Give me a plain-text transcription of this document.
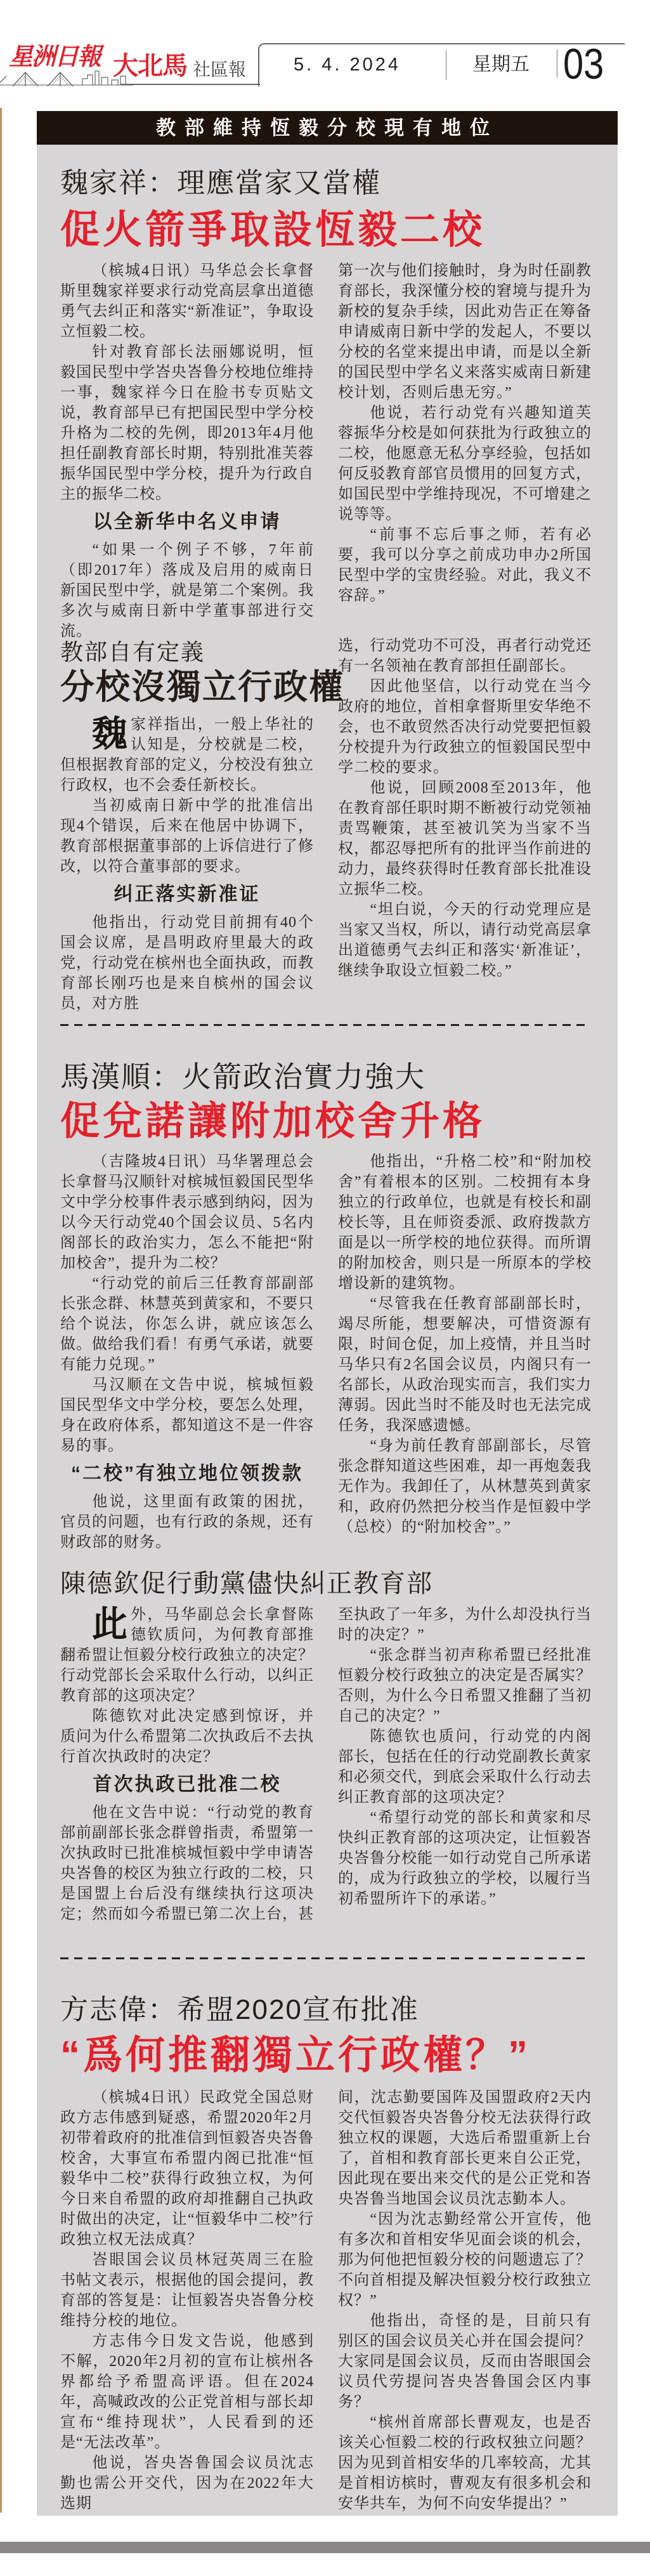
星洲日報 大北馬 社區報	5. 4. 2024	星期五 03
教部維持恆毅分校現有地位
魏家祥：理應當家又當權
促火箭爭取設恆毅二校

（槟城4日讯）马华总会长拿督斯里魏家祥要求行动党高层拿出道德勇气去纠正和落实“新准证”，争取设立恒毅二校。

针对教育部长法丽娜说明，恒毅国民型中学峇央峇鲁分校地位维持一事，魏家祥今日在脸书专页贴文说，教育部早已有把国民型中学分校升格为二校的先例，即2013年4月他担任副教育部长时期，特别批准芙蓉振华国民型中学分校，提升为行政自主的振华二校。

以全新华中名义申请

“如果一个例子不够，7年前（即2017年）落成及启用的威南日新国民型中学，就是第二个案例。我多次与威南日新中学董事部进行交流。

第一次与他们接触时，身为时任副教育部长，我深懂分校的窘境与提升为新校的复杂手续，因此劝告正在筹备申请威南日新中学的发起人，不要以分校的名堂来提出申请，而是以全新的国民型中学名义来落实威南日新建校计划，否则后患无穷。”

他说，若行动党有兴趣知道芙蓉振华分校是如何获批为行政独立的二校，他愿意无私分享经验，包括如何反驳教育部官员惯用的回复方式，如国民型中学维持现况，不可增建之说等等。

“前事不忘后事之师，若有必要，我可以分享之前成功申办2所国民型中学的宝贵经验。对此，我义不容辞。”

教部自有定義
分校沒獨立行政權

魏家祥指出，一般上华社的认知是，分校就是二校，但根据教育部的定义，分校没有独立行政权，也不会委任新校长。

当初威南日新中学的批准信出现4个错误，后来在他居中协调下，教育部根据董事部的上诉信进行了修改，以符合董事部的要求。

纠正落实新准证

他指出，行动党目前拥有40个国会议席，是昌明政府里最大的政党，行动党在槟州也全面执政，而教育部长刚巧也是来自槟州的国会议员，对方胜

选，行动党功不可没，再者行动党还有一名领袖在教育部担任副部长。

因此他坚信，以行动党在当今政府的地位，首相拿督斯里安华绝不会，也不敢贸然否决行动党要把恒毅分校提升为行政独立的恒毅国民型中学二校的要求。

他说，回顾2008至2013年，他在教育部任职时期不断被行动党领袖责骂鞭策，甚至被讥笑为当家不当权，都忍辱把所有的批评当作前进的动力，最终获得时任教育部长批准设立振华二校。

“坦白说，今天的行动党理应是当家又当权，所以，请行动党高层拿出道德勇气去纠正和落实‘新准证’，继续争取设立恒毅二校。”

馬漢順：火箭政治實力強大
促兌諾讓附加校舍升格

（吉隆坡4日讯）马华署理总会长拿督马汉顺针对槟城恒毅国民型华文中学分校事件表示感到纳闷，因为以今天行动党40个国会议员、5名内阁部长的政治实力，怎么不能把“附加校舍”，提升为二校？

“行动党的前后三任教育部副部长张念群、林慧英到黄家和，不要只给个说法，你怎么讲，就应该怎么做。做给我们看！有勇气承诺，就要有能力兑现。”

马汉顺在文告中说，槟城恒毅国民型华文中学分校，要怎么处理，身在政府体系，都知道这不是一件容易的事。

“二校”有独立地位领拨款

他说，这里面有政策的困扰，官员的问题，也有行政的条规，还有财政部的财务。

他指出，“升格二校”和“附加校舍”有着根本的区别。二校拥有本身独立的行政单位，也就是有校长和副校长等，且在师资委派、政府拨款方面是以一所学校的地位获得。而所谓的附加校舍，则只是一所原本的学校增设新的建筑物。

“尽管我在任教育部副部长时，竭尽所能，想要解决，可惜资源有限，时间仓促，加上疫情，并且当时马华只有2名国会议员，内阁只有一名部长，从政治现实而言，我们实力薄弱。因此当时不能及时也无法完成任务，我深感遗憾。

“身为前任教育部副部长，尽管张念群知道这些困难，却一再炮轰我无作为。我卸任了，从林慧英到黄家和，政府仍然把分校当作是恒毅中学（总校）的“附加校舍”。”

陳德欽促行動黨儘快糾正教育部

此外，马华副总会长拿督陈德钦质问，为何教育部推翻希盟让恒毅分校行政独立的决定？行动党部长会采取什么行动，以纠正教育部的这项决定？

陈德钦对此决定感到惊讶，并质问为什么希盟第二次执政后不去执行首次执政时的决定？

首次执政已批准二校

他在文告中说：“行动党的教育部前副部长张念群曾指责，希盟第一次执政时已批准槟城恒毅中学申请峇央峇鲁的校区为独立行政的二校，只是国盟上台后没有继续执行这项决定；然而如今希盟已第二次上台，甚

至执政了一年多，为什么却没执行当时的决定？”

“张念群当初声称希盟已经批准恒毅分校行政独立的决定是否属实？否则，为什么今日希盟又推翻了当初自己的决定？”

陈德钦也质问，行动党的内阁部长，包括在任的行动党副教长黄家和必须交代，到底会采取什么行动去纠正教育部的这项决定？

“希望行动党的部长和黄家和尽快纠正教育部的这项决定，让恒毅峇央峇鲁分校能一如行动党自己所承诺的，成为行政独立的学校，以履行当初希盟所许下的承诺。”

方志偉：希盟2020宣布批准
“爲何推翻獨立行政權？”

（槟城4日讯）民政党全国总财政方志伟感到疑惑，希盟2020年2月初带着政府的批准信到恒毅峇央峇鲁校舍，大事宣布希盟内阁已批准“恒毅华中二校”获得行政独立权，为何今日来自希盟的政府却推翻自己执政时做出的决定，让“恒毅华中二校”行政独立权无法成真？

峇眼国会议员林冠英周三在脸书帖文表示，根据他的国会提问，教育部的答复是：让恒毅峇央峇鲁分校维持分校的地位。

方志伟今日发文告说，他感到不解，2020年2月初的宣布让槟州各界都给予希盟高评语。但在2024年，高喊政改的公正党首相与部长却宣布“维持现状”，人民看到的还是“无法改革”。

他说，峇央峇鲁国会议员沈志勤也需公开交代，因为在2022年大选期

间，沈志勤要国阵及国盟政府2天内交代恒毅峇央峇鲁分校无法获得行政独立权的课题，大选后希盟重新上台了，首相和教育部长更来自公正党，因此现在要出来交代的是公正党和峇央峇鲁当地国会议员沈志勤本人。

“因为沈志勤经常公开宣传，他有多次和首相安华见面会谈的机会，那为何他把恒毅分校的问题遗忘了？不向首相提及解决恒毅分校行政独立权？”

他指出，奇怪的是，目前只有别区的国会议员关心并在国会提问？大家同是国会议员，反而由峇眼国会议员代劳提问峇央峇鲁国会区内事务？

“槟州首席部长曹观友，也是否该关心恒毅二校的行政权独立问题？因为见到首相安华的几率较高，尤其是首相访槟时，曹观友有很多机会和安华共车，为何不向安华提出？”
